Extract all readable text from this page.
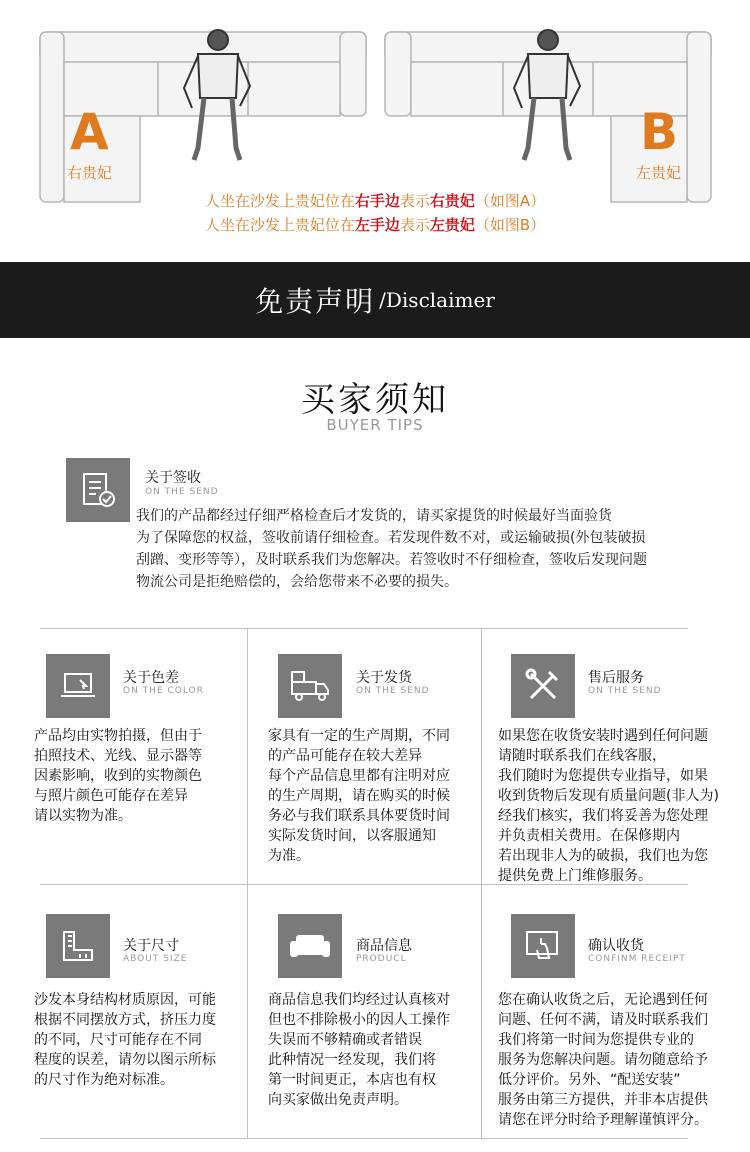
A
右贵妃
B
左贵妃
人坐在沙发上贵妃位在右手边表示右贵妃（如图A）
人坐在沙发上贵妃位在左手边表示左贵妃（如图B）
免责声明 /Disclaimer
买家须知
BUYER TIPS
关于签收
ON THE SEND
我们的产品都经过仔细严格检查后才发货的，请买家提货的时候最好当面验货
为了保障您的权益，签收前请仔细检查。若发现件数不对，或运输破损(外包装破损
刮蹭、变形等等），及时联系我们为您解决。若签收时不仔细检查，签收后发现问题
物流公司是拒绝赔偿的，会给您带来不必要的损失。
关于色差
ON THE COLOR
产品均由实物拍摄，但由于
拍照技术、光线、显示器等
因素影响，收到的实物颜色
与照片颜色可能存在差异
请以实物为准。
关于发货
ON THE SEND
家具有一定的生产周期，不同
的产品可能存在较大差异
每个产品信息里都有注明对应
的生产周期，请在购买的时候
务必与我们联系具体要货时间
实际发货时间，以客服通知
为准。
售后服务
ON THE SEND
如果您在收货安装时遇到任何问题
请随时联系我们在线客服，
我们随时为您提供专业指导，如果
收到货物后发现有质量问题(非人为)
经我们核实，我们将妥善为您处理
并负责相关费用。在保修期内
若出现非人为的破损，我们也为您
提供免费上门维修服务。
关于尺寸
ABOUT SIZE
沙发本身结构材质原因，可能
根据不同摆放方式，挤压力度
的不同，尺寸可能存在不同
程度的误差，请勿以图示所标
的尺寸作为绝对标准。
商品信息
PRODUCL
商品信息我们均经过认真核对
但也不排除极小的因人工操作
失误而不够精确或者错误
此种情况一经发现，我们将
第一时间更正，本店也有权
向买家做出免责声明。
确认收货
CONFINM RECEIPT
您在确认收货之后，无论遇到任何
问题、任何不满，请及时联系我们
我们将第一时间为您提供专业的
服务为您解决问题。请勿随意给予
低分评价。另外、“配送安装”
服务由第三方提供，并非本店提供
请您在评分时给予理解谨慎评分。
